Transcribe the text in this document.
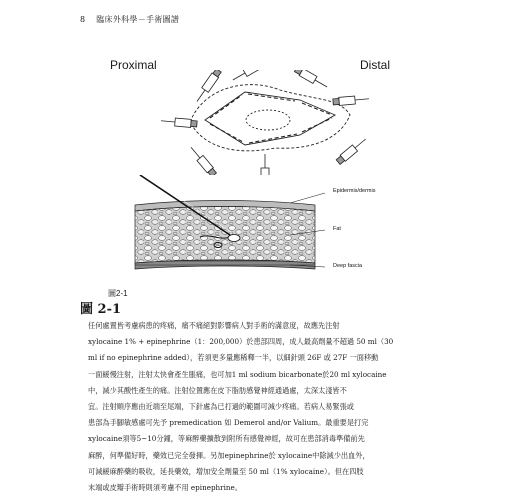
8 臨床外科學－手術圖譜
Proximal	Distal
Epidermis/dermis
Fat
Deep fascia
圖2-1
圖 2-1

任何處置皆考慮病患的疼痛，痛不痛絕對影響病人對手術的滿意度，故應先注射

xylocaine 1% + epinephrine（1：200,000）於患部四周，成人最高劑量不超過 50 ml（30

ml if no epinephrine added），若須更多量應稀釋一半，以細針頭 26F 或 27F 一面移動

一面緩慢注射，注射太快會產生脹痛，也可加1 ml sodium bicarbonate於20 ml xylocaine

中，減少其酸性產生的痛。注射位置應在皮下脂肪感覺神經通過處，太深太淺皆不

宜。注射順序應由近端至尾端，下針處為已打過的範圍可減少疼痛。若病人易緊張或

患部為手腳敏感處可先予 premedication 如 Demerol and/or Valium。最重要是打完

xylocaine須等5~10分鐘，等麻醉藥擴散到附所有感覺神經，故可在患部消毒準備前先

麻醉，何準備好時，藥效已完全發揮。另加epinephrine於 xylocaine中除減少出血外，

可減緩麻醉藥的吸收，延長藥效，增加安全劑量至 50 ml（1% xylocaine）。但在四肢

末端或皮瓣手術時則須考慮不用 epinephrine。
